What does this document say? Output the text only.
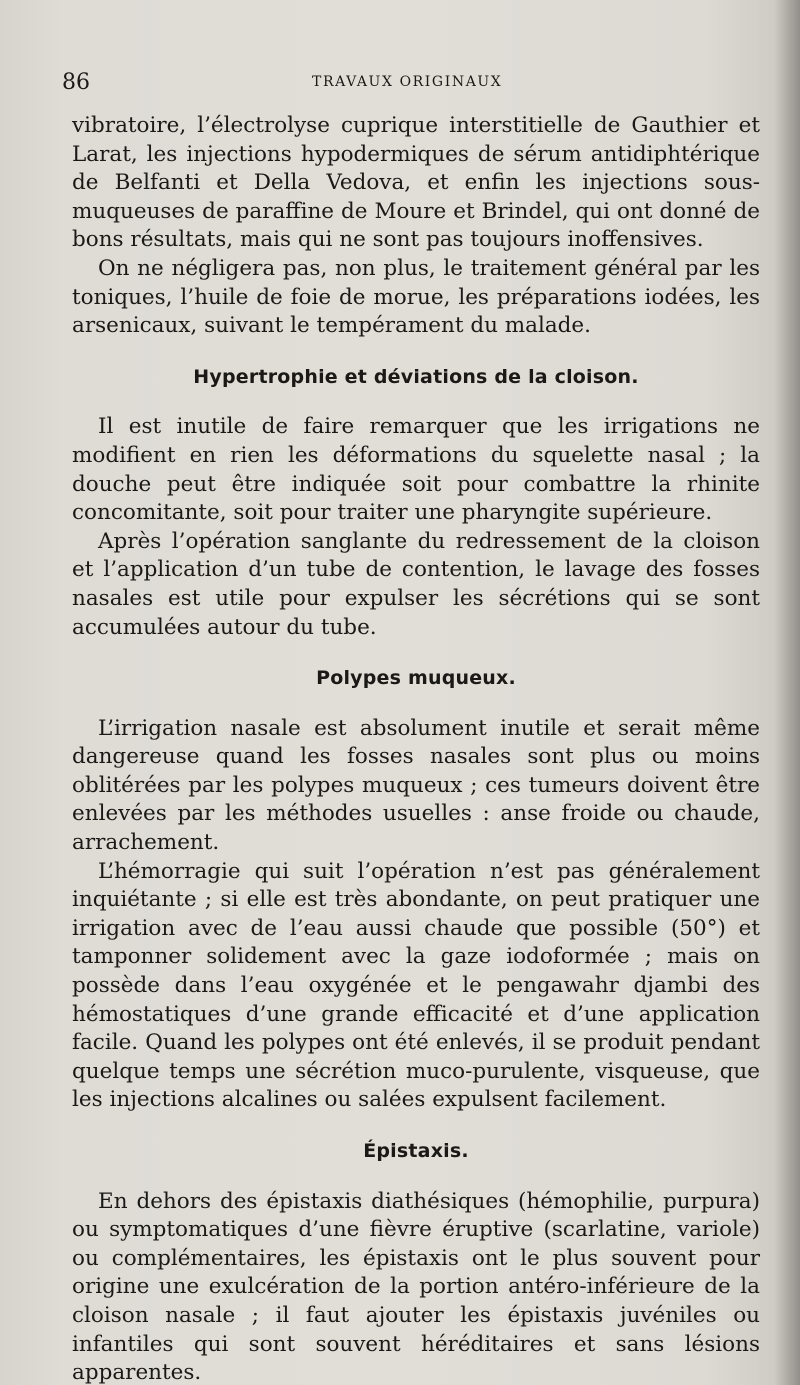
86	TRAVAUX ORIGINAUX

vibratoire, l’électrolyse cuprique interstitielle de Gauthier et Larat, les injections hypodermiques de sérum antidiphtérique de Belfanti et Della Vedova, et enfin les injections sous-muqueuses de paraffine de Moure et Brindel, qui ont donné de bons résultats, mais qui ne sont pas toujours inoffensives.

On ne négligera pas, non plus, le traitement général par les toniques, l’huile de foie de morue, les préparations iodées, les arsenicaux, suivant le tempérament du malade.

Hypertrophie et déviations de la cloison.

Il est inutile de faire remarquer que les irrigations ne modifient en rien les déformations du squelette nasal ; la douche peut être indiquée soit pour combattre la rhinite concomitante, soit pour traiter une pharyngite supérieure.

Après l’opération sanglante du redressement de la cloison et l’application d’un tube de contention, le lavage des fosses nasales est utile pour expulser les sécrétions qui se sont accumulées autour du tube.

Polypes muqueux.

L’irrigation nasale est absolument inutile et serait même dangereuse quand les fosses nasales sont plus ou moins oblitérées par les polypes muqueux ; ces tumeurs doivent être enlevées par les méthodes usuelles : anse froide ou chaude, arrachement.

L’hémorragie qui suit l’opération n’est pas généralement inquiétante ; si elle est très abondante, on peut pratiquer une irrigation avec de l’eau aussi chaude que possible (50°) et tamponner solidement avec la gaze iodoformée ; mais on possède dans l’eau oxygénée et le pengawahr djambi des hémostatiques d’une grande efficacité et d’une application facile. Quand les polypes ont été enlevés, il se produit pendant quelque temps une sécrétion muco-purulente, visqueuse, que les injections alcalines ou salées expulsent facilement.

Épistaxis.

En dehors des épistaxis diathésiques (hémophilie, purpura) ou symptomatiques d’une fièvre éruptive (scarlatine, variole) ou complémentaires, les épistaxis ont le plus souvent pour origine une exulcération de la portion antéro-inférieure de la cloison nasale ; il faut ajouter les épistaxis juvéniles ou infantiles qui sont souvent héréditaires et sans lésions apparentes.
